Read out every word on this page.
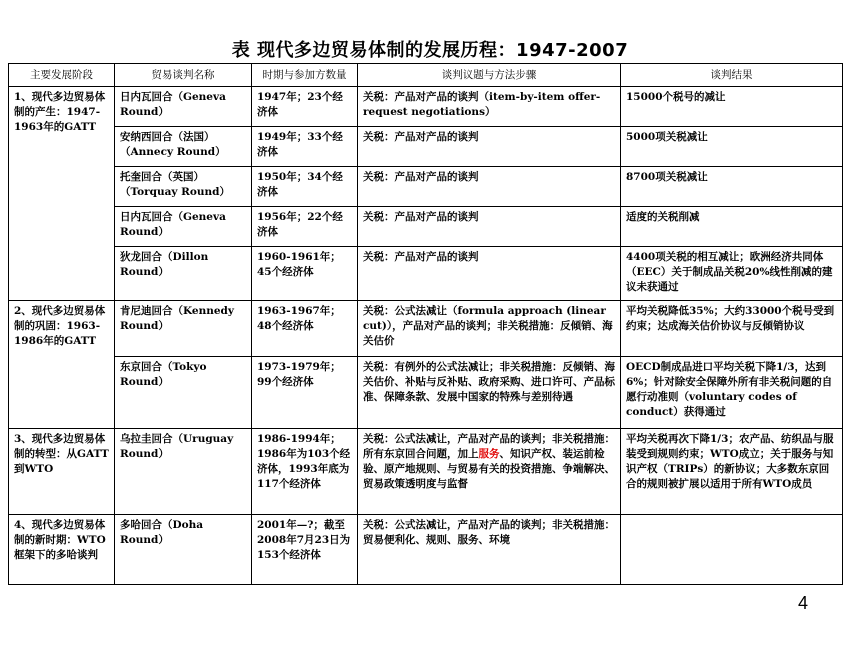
表 现代多边贸易体制的发展历程：1947-2007
主要发展阶段	贸易谈判名称	时期与参加方数量	谈判议题与方法步骤	谈判结果
1、现代多边贸易体制的产生：1947-1963年的GATT	日内瓦回合（Geneva Round）	1947年；23个经济体	关税：产品对产品的谈判（item-by-item offer-request negotiations）	15000个税号的减让
	安纳西回合（法国）（Annecy Round）	1949年；33个经济体	关税：产品对产品的谈判	5000项关税减让
	托奎回合（英国）（Torquay Round）	1950年；34个经济体	关税：产品对产品的谈判	8700项关税减让
	日内瓦回合（Geneva Round）	1956年；22个经济体	关税：产品对产品的谈判	适度的关税削减
	狄龙回合（Dillon Round）	1960-1961年；45个经济体	关税：产品对产品的谈判	4400项关税的相互减让；欧洲经济共同体（EEC）关于制成品关税20%线性削减的建议未获通过
2、现代多边贸易体制的巩固：1963-1986年的GATT	肯尼迪回合（Kennedy Round）	1963-1967年；48个经济体	关税：公式法减让（formula approach (linear cut)），产品对产品的谈判；非关税措施：反倾销、海关估价	平均关税降低35%；大约33000个税号受到约束；达成海关估价协议与反倾销协议
	东京回合（Tokyo Round）	1973-1979年；99个经济体	关税：有例外的公式法减让；非关税措施：反倾销、海关估价、补贴与反补贴、政府采购、进口许可、产品标准、保障条款、发展中国家的特殊与差别待遇	OECD制成品进口平均关税下降1/3，达到6%；针对除安全保障外所有非关税问题的自愿行动准则（voluntary codes of conduct）获得通过
3、现代多边贸易体制的转型：从GATT到WTO	乌拉圭回合（Uruguay Round）	1986-1994年；1986年为103个经济体，1993年底为117个经济体	关税：公式法减让，产品对产品的谈判；非关税措施：所有东京回合问题，加上服务、知识产权、装运前检验、原产地规则、与贸易有关的投资措施、争端解决、贸易政策透明度与监督	平均关税再次下降1/3；农产品、纺织品与服装受到规则约束；WTO成立；关于服务与知识产权（TRIPs）的新协议；大多数东京回合的规则被扩展以适用于所有WTO成员
4、现代多边贸易体制的新时期：WTO框架下的多哈谈判	多哈回合（Doha Round）	2001年—?；截至2008年7月23日为153个经济体	关税：公式法减让，产品对产品的谈判；非关税措施：贸易便利化、规则、服务、环境	
4
